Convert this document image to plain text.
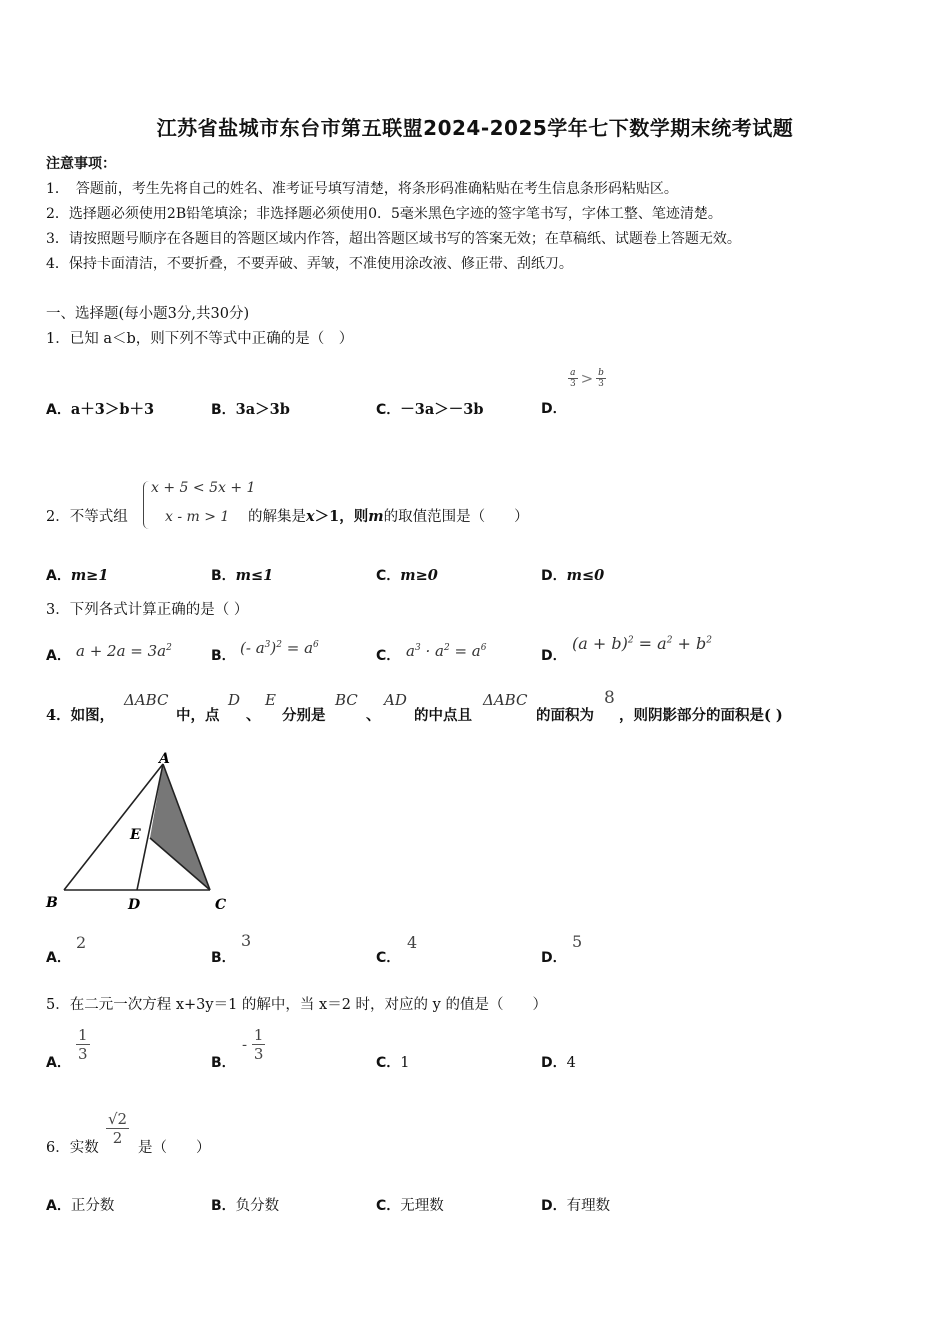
江苏省盐城市东台市第五联盟2024-2025学年七下数学期末统考试题
注意事项：
1．　答题前，考生先将自己的姓名、准考证号填写清楚，将条形码准确粘贴在考生信息条形码粘贴区。
2．选择题必须使用2B铅笔填涂；非选择题必须使用0．5毫米黑色字迹的签字笔书写，字体工整、笔迹清楚。
3．请按照题号顺序在各题目的答题区域内作答，超出答题区域书写的答案无效；在草稿纸、试题卷上答题无效。
4．保持卡面清洁，不要折叠，不要弄破、弄皱，不准使用涂改液、修正带、刮纸刀。
一、选择题(每小题3分,共30分)
1．已知 a＜b，则下列不等式中正确的是（　）
A．a＋3＞b＋3	B．3a＞3b	C．－3a＞－3b	D．
$\frac{a}{3} > \frac{b}{3}$
2．不等式组
x + 5 < 5x + 1
x - m > 1 的解集是x＞1，则m的取值范围是（　　）
A．m≥1	B．m≤1	C．m≥0	D．m≤0
3．下列各式计算正确的是（ ）
A． $a + 2a = 3a^2$	B． (- $a^3)^2 = a^6$
C． $a^3 \cdot a^2 = a^6$	D．
$(a + b)^2 = a^2 + b^2$
4．如图，
ΔABC
中，点
D
、
E
分别是
BC
、
AD
的中点且
ΔABC
的面积为
8
，则阴影部分的面积是( )
A
B	C
D
E
A．
2
B．
3
C．
4
D．
5
5．在二元一次方程 x+3y＝1 的解中，当 x＝2 时，对应的 y 的值是（　　）
A． $\frac{1}{3}$	B．
- $\frac{1}{3}$	C．1	D．4
6．实数
$\frac{√2}{2}$
是（　　）
A．正分数	B．负分数	C．无理数	D．有理数
